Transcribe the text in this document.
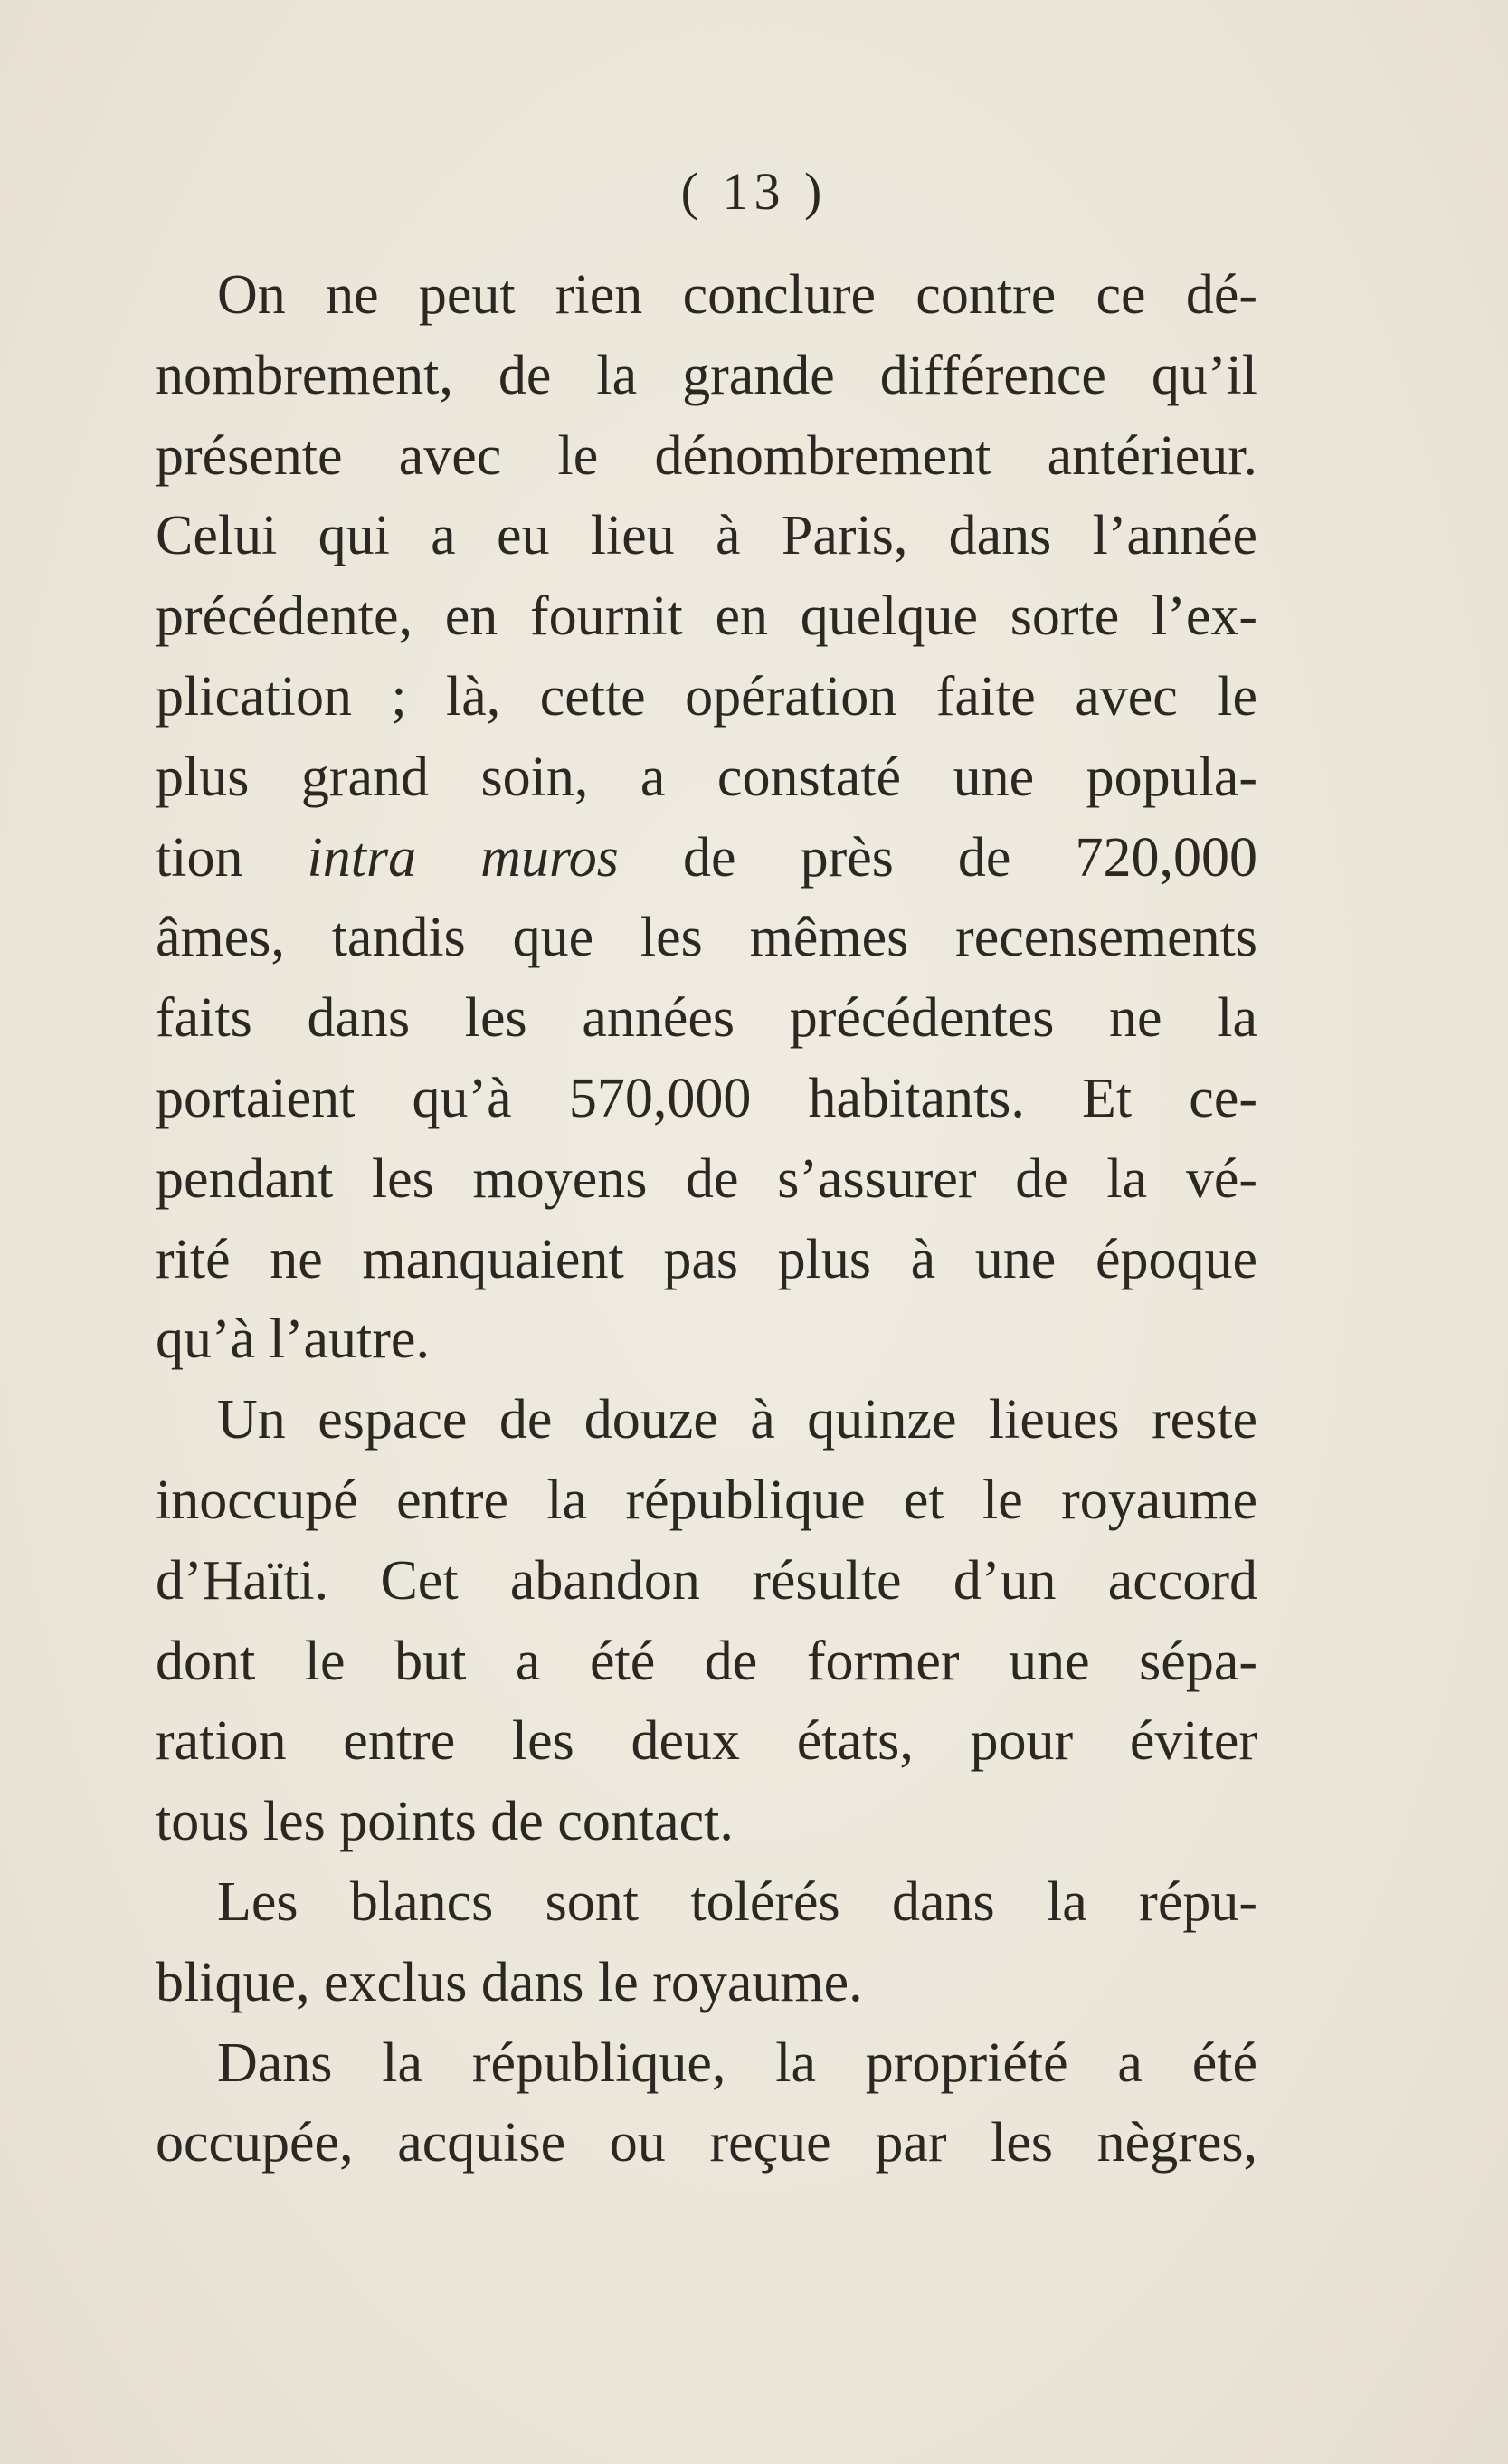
( 13 )
On ne peut rien conclure contre ce dé-
nombrement, de la grande différence qu’il
présente avec le dénombrement antérieur.
Celui qui a eu lieu à Paris, dans l’année
précédente, en fournit en quelque sorte l’ex-
plication ; là, cette opération faite avec le
plus grand soin, a constaté une popula-
tion intra muros de près de 720,000
âmes, tandis que les mêmes recensements
faits dans les années précédentes ne la
portaient qu’à 570,000 habitants. Et ce-
pendant les moyens de s’assurer de la vé-
rité ne manquaient pas plus à une époque
qu’à l’autre.
Un espace de douze à quinze lieues reste
inoccupé entre la république et le royaume
d’Haïti. Cet abandon résulte d’un accord
dont le but a été de former une sépa-
ration entre les deux états, pour éviter
tous les points de contact.
Les blancs sont tolérés dans la répu-
blique, exclus dans le royaume.
Dans la république, la propriété a été
occupée, acquise ou reçue par les nègres,
